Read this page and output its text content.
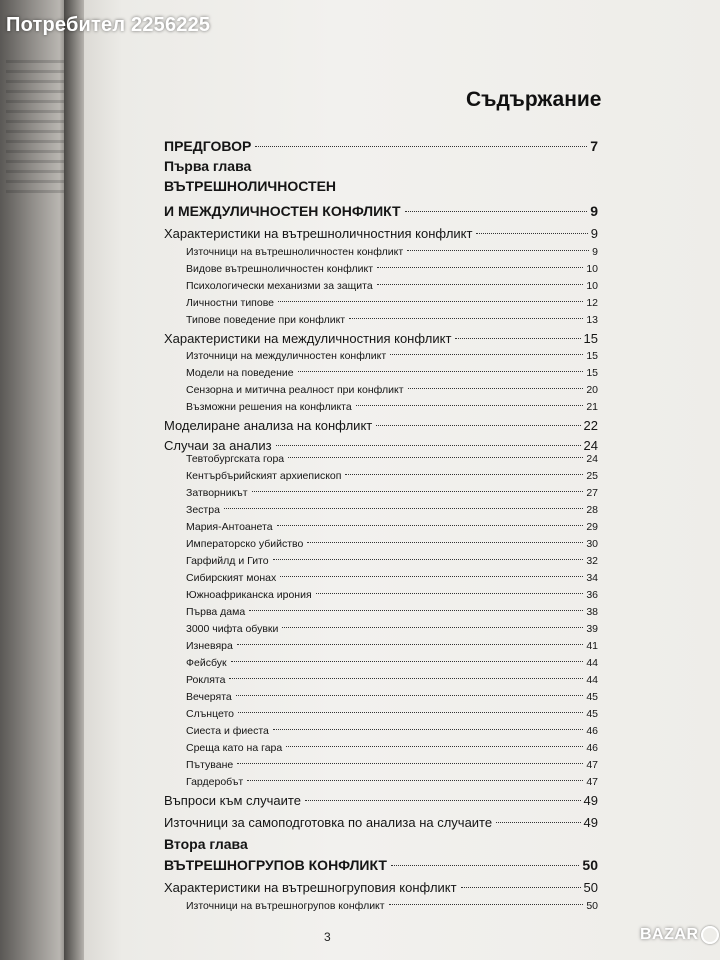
Потребител 2256225
Съдържание
ПРЕДГОВОР	7
Първа глава
ВЪТРЕШНОЛИЧНОСТЕН
И МЕЖДУЛИЧНОСТЕН КОНФЛИКТ	9
Характеристики на вътрешноличностния конфликт	9
Източници на вътрешноличностен конфликт	9
Видове вътрешноличностен конфликт	10
Психологически механизми за защита	10
Личностни типове	12
Типове поведение при конфликт	13
Характеристики на междуличностния конфликт	15
Източници на междуличностен конфликт	15
Модели на поведение	15
Сензорна и митична реалност при конфликт	20
Възможни решения на конфликта	21
Моделиране анализа на конфликт	22
Случаи за анализ	24
Тевтобургската гора	24
Кентърбърийският архиепископ	25
Затворникът	27
Зестра	28
Мария-Антоанета	29
Императорско убийство	30
Гарфийлд и Гито	32
Сибирският монах	34
Южноафриканска ирония	36
Първа дама	38
3000 чифта обувки	39
Изневяра	41
Фейсбук	44
Роклята	44
Вечерята	45
Слънцето	45
Сиеста и фиеста	46
Среща като на гара	46
Пътуване	47
Гардеробът	47
Въпроси към случаите	49
Източници за самоподготовка по анализа на случаите	49
Втора глава
ВЪТРЕШНОГРУПОВ КОНФЛИКТ	50
Характеристики на вътрешногруповия конфликт	50
Източници на вътрешногрупов конфликт	50
3	BAZAR
